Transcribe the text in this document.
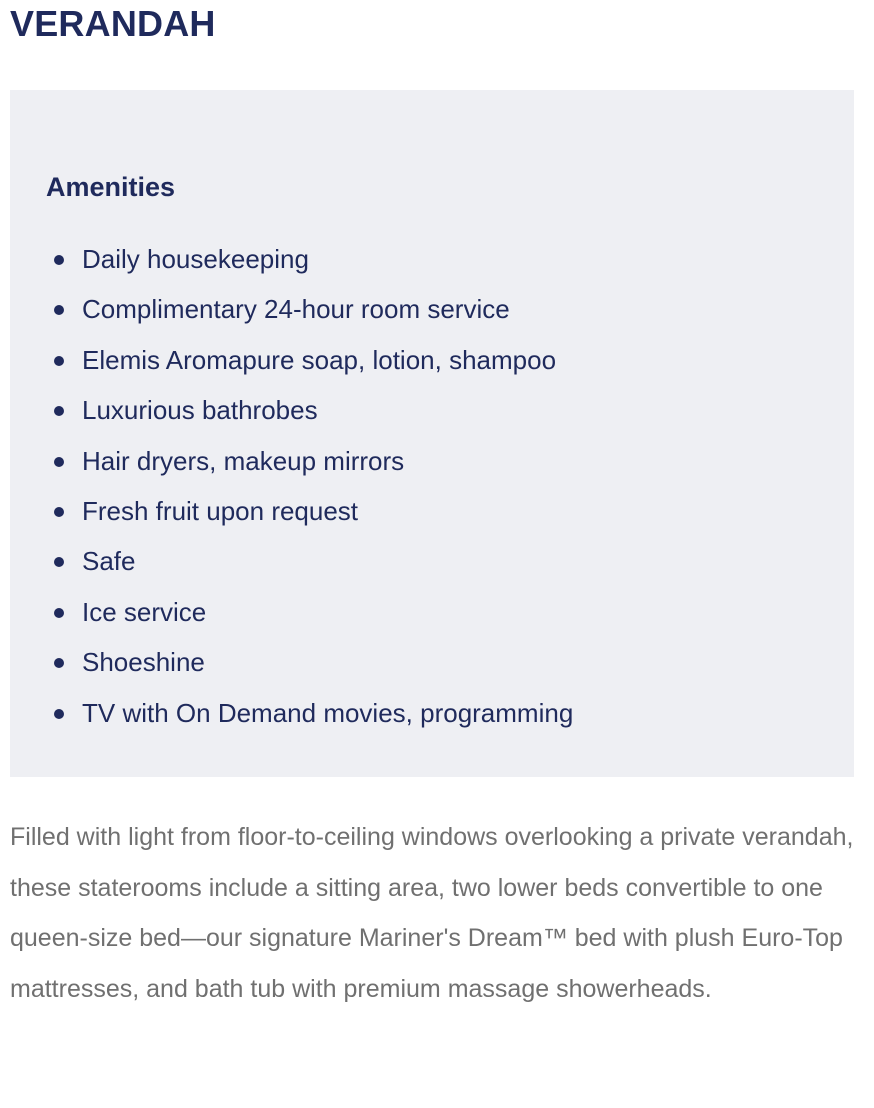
VERANDAH
Amenities
Daily housekeeping
Complimentary 24-hour room service
Elemis Aromapure soap, lotion, shampoo
Luxurious bathrobes
Hair dryers, makeup mirrors
Fresh fruit upon request
Safe
Ice service
Shoeshine
TV with On Demand movies, programming

Filled with light from floor-to-ceiling windows overlooking a private verandah, these staterooms include a sitting area, two lower beds convertible to one queen-size bed—our signature Mariner's Dream™ bed with plush Euro-Top mattresses, and bath tub with premium massage showerheads.
